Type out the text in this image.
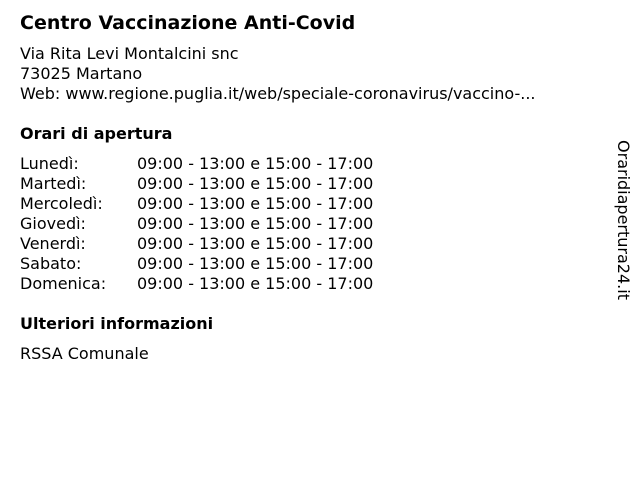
Centro Vaccinazione Anti-Covid
Via Rita Levi Montalcini snc
73025 Martano
Web: www.regione.puglia.it/web/speciale-coronavirus/vaccino-...
Orari di apertura
Lunedì:	09:00 - 13:00 e 15:00 - 17:00
Martedì:	09:00 - 13:00 e 15:00 - 17:00
Mercoledì:	09:00 - 13:00 e 15:00 - 17:00
Giovedì:	09:00 - 13:00 e 15:00 - 17:00
Venerdì:	09:00 - 13:00 e 15:00 - 17:00
Sabato:	09:00 - 13:00 e 15:00 - 17:00
Domenica:	09:00 - 13:00 e 15:00 - 17:00
Ulteriori informazioni
RSSA Comunale
Oraridiapertura24.it
